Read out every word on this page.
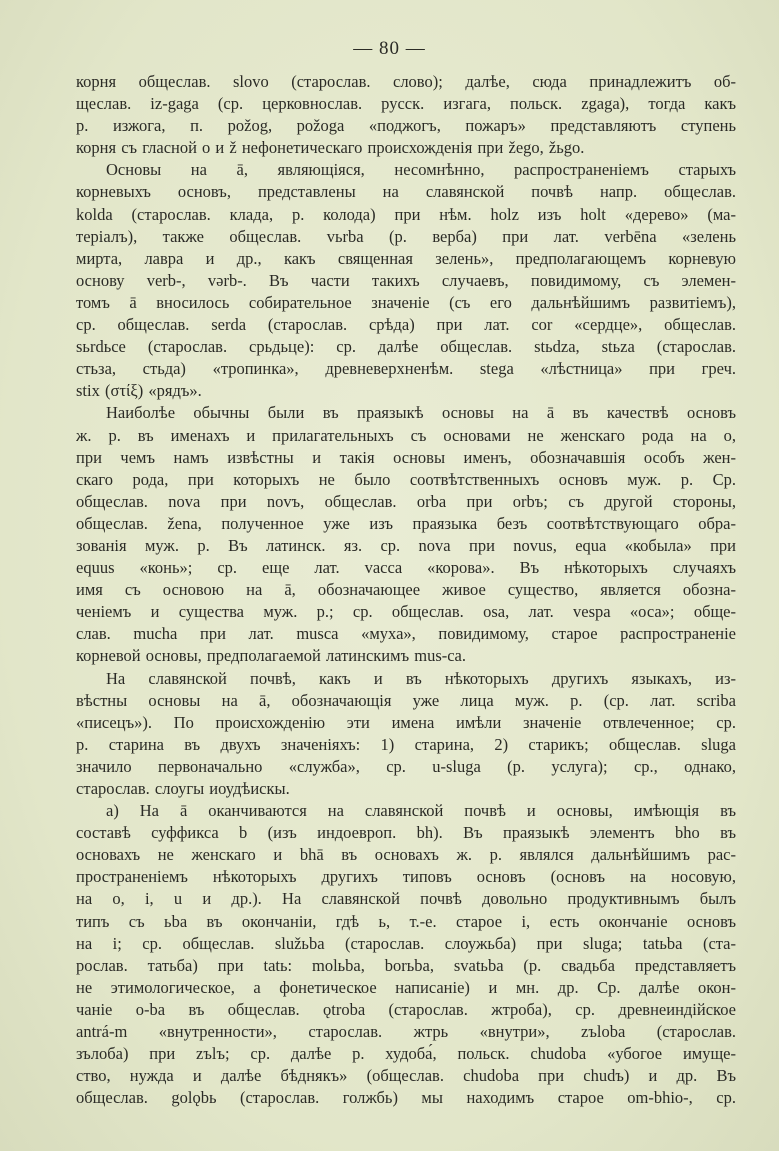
— 80 —
корня общеслав. slovo (старослав. слово); далѣе, сюда принадлежитъ об-
щеслав. iz-gaga (ср. церковнослав. русск. изгага, польск. zgaga), тогда какъ
р. изжога, п. požog, požoga «поджогъ, пожаръ» представляютъ ступень
корня съ гласной о и ž нефонетическаго происхожденія при žego, žьgo.
Основы на ā, являющіяся, несомнѣнно, распространеніемъ старыхъ
корневыхъ основъ, представлены на славянской почвѣ напр. общеслав.
kolda (старослав. клада, р. колода) при нѣм. holz изъ holt «дерево» (ма-
теріалъ), также общеслав. vьrba (р. верба) при лат. verbēna «зелень
мирта, лавра и др., какъ священная зелень», предполагающемъ корневую
основу verb-, vərb-. Въ части такихъ случаевъ, повидимому, съ элемен-
томъ ā вносилось собирательное значеніе (съ его дальнѣйшимъ развитіемъ),
ср. общеслав. serda (старослав. срѣда) при лат. cor «сердце», общеслав.
sьrdьce (старослав. срьдьце): ср. далѣе общеслав. stьdza, stьza (старослав.
стьза, стьда) «тропинка», древневерхненѣм. stega «лѣстница» при греч.
stix (στίξ) «рядъ».
Наиболѣе обычны были въ праязыкѣ основы на ā въ качествѣ основъ
ж. р. въ именахъ и прилагательныхъ съ основами не женскаго рода на о,
при чемъ намъ извѣстны и такія основы именъ, обозначавшія особъ жен-
скаго рода, при которыхъ не было соотвѣтственныхъ основъ муж. р. Ср.
общеслав. nova при novъ, общеслав. orba при orbъ; съ другой стороны,
общеслав. žena, полученное уже изъ праязыка безъ соотвѣтствующаго обра-
зованія муж. р. Въ латинск. яз. ср. nova при novus, equa «кобыла» при
equus «конь»; ср. еще лат. vacca «корова». Въ нѣкоторыхъ случаяхъ
имя съ основою на ā, обозначающее живое существо, является обозна-
ченіемъ и существа муж. р.; ср. общеслав. osa, лат. vespa «оса»; обще-
слав. mucha при лат. musca «муха», повидимому, старое распространеніе
корневой основы, предполагаемой латинскимъ mus-ca.
На славянской почвѣ, какъ и въ нѣкоторыхъ другихъ языкахъ, из-
вѣстны основы на ā, обозначающія уже лица муж. р. (ср. лат. scriba
«писецъ»). По происхожденію эти имена имѣли значеніе отвлеченное; ср.
р. старина въ двухъ значеніяхъ: 1) старина, 2) старикъ; общеслав. sluga
значило первоначально «служба», ср. u-sluga (р. услуга); ср., однако,
старослав. слоугы иоудѣискы.
а) На ā оканчиваются на славянской почвѣ и основы, имѣющія въ
составѣ суффикса b (изъ индоевроп. bh). Въ праязыкѣ элементъ bho въ
основахъ не женскаго и bhā въ основахъ ж. р. являлся дальнѣйшимъ рас-
пространеніемъ нѣкоторыхъ другихъ типовъ основъ (основъ на носовую,
на о, i, u и др.). На славянской почвѣ довольно продуктивнымъ былъ
типъ съ ьba въ окончаніи, гдѣ ь, т.-е. старое i, есть окончаніе основъ
на i; ср. общеслав. služьba (старослав. слоужьба) при sluga; tatьba (ста-
рослав. татьба) при tatь: molьba, borьba, svatьba (р. свадьба представляетъ
не этимологическое, а фонетическое написаніе) и мн. др. Ср. далѣе окон-
чаніе o-ba въ общеслав. ǫtroba (старослав. жтроба), ср. древнеиндійское
antrá-m «внутренности», старослав. жтрь «внутри», zъloba (старослав.
зълоба) при zъlъ; ср. далѣе р. худоба́, польск. chudoba «убогое имуще-
ство, нужда и далѣе бѣднякъ» (общеслав. chudoba при chudъ) и др. Въ
общеслав. golǫbь (старослав. голжбь) мы находимъ старое om-bhio-, ср.
